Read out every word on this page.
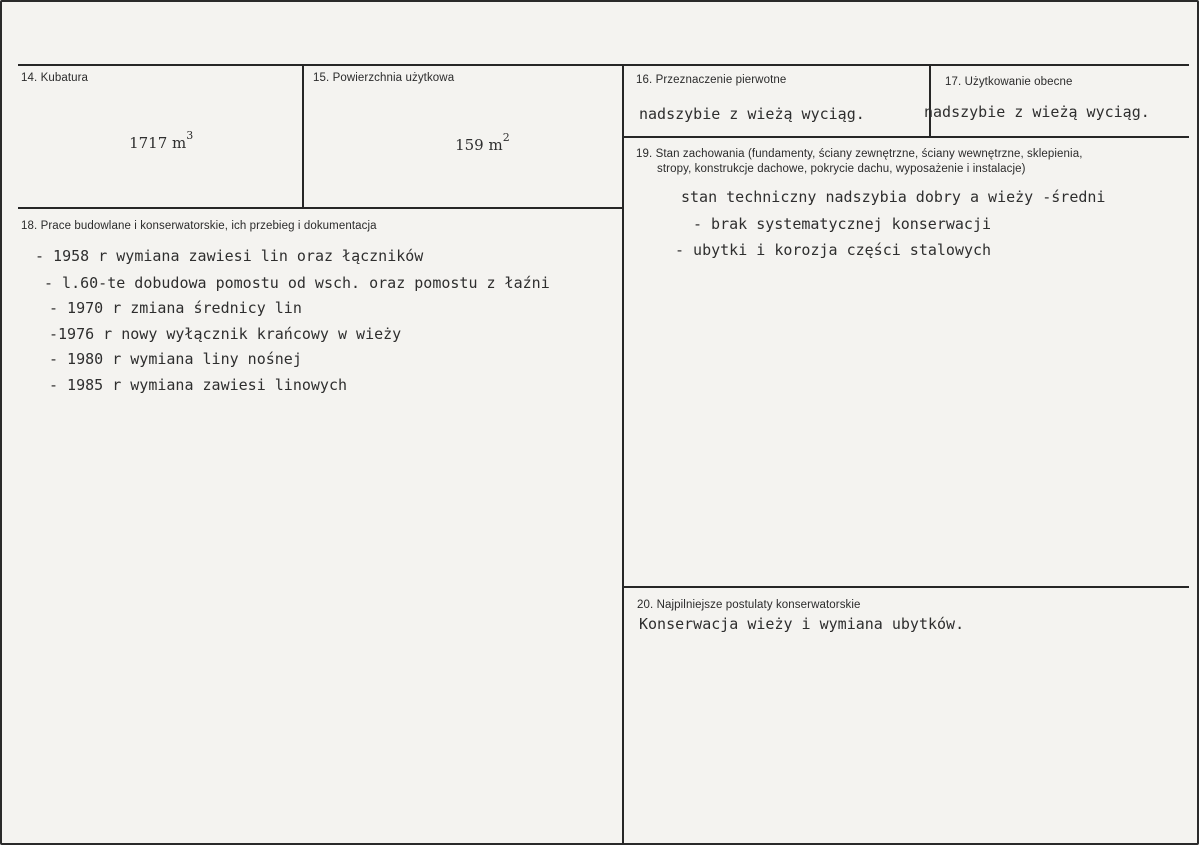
14. Kubatura

1717 $m^3$

15. Powierzchnia użytkowa

159 $m^2$

16. Przeznaczenie pierwotne
nadszybie z wieżą wyciąg.
17. Użytkowanie obecne
nadszybie z wieżą wyciąg.
18. Prace budowlane i konserwatorskie, ich przebieg i dokumentacja
- 1958 r wymiana zawiesi lin oraz łączników
- l.60-te dobudowa pomostu od wsch. oraz pomostu z łaźni
- 1970 r zmiana średnicy lin
-1976 r nowy wyłącznik krańcowy w wieży
- 1980 r wymiana liny nośnej
- 1985 r wymiana zawiesi linowych
19. Stan zachowania (fundamenty, ściany zewnętrzne, ściany wewnętrzne, sklepienia,
stropy, konstrukcje dachowe, pokrycie dachu, wyposażenie i instalacje)
stan techniczny nadszybia dobry a wieży -średni
- brak systematycznej konserwacji
- ubytki i korozja części stalowych
20. Najpilniejsze postulaty konserwatorskie
Konserwacja wieży i wymiana ubytków.
